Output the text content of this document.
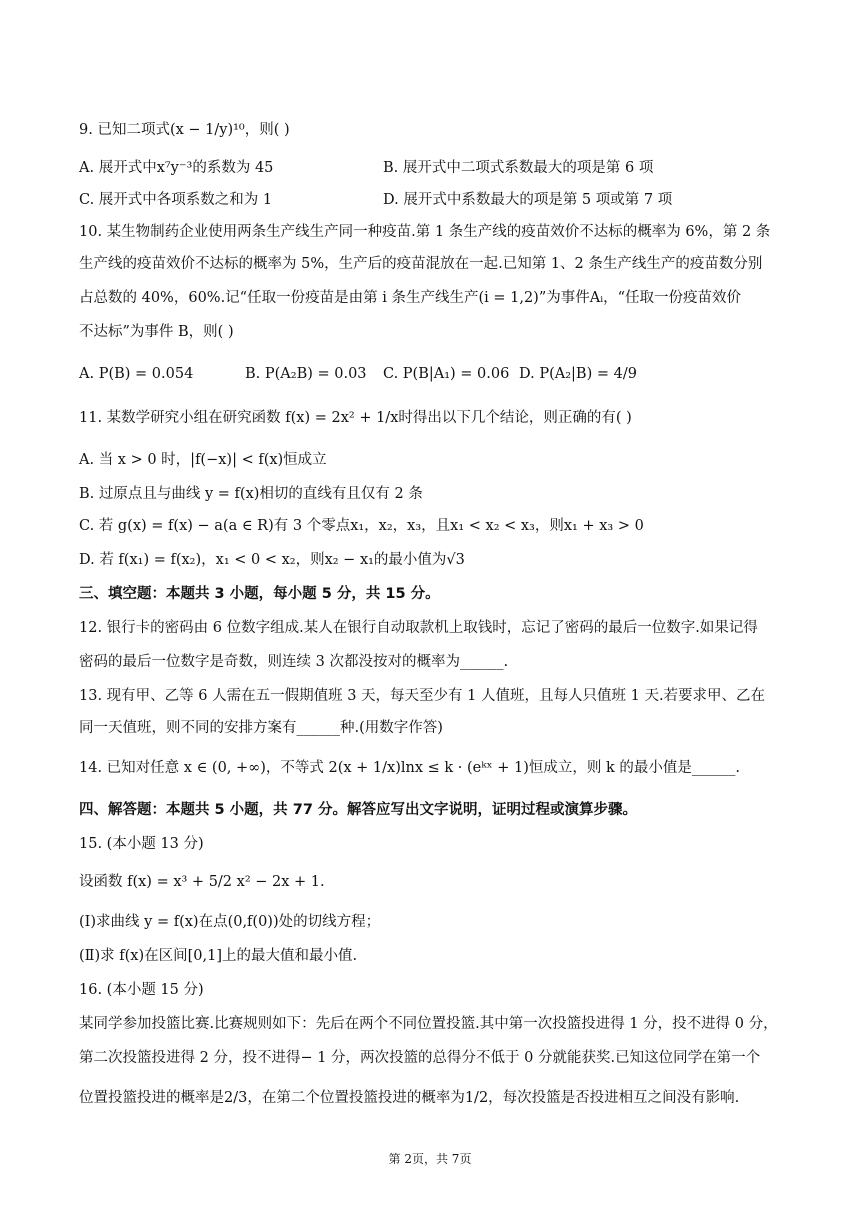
9. 已知二项式(x − 1/y)¹⁰，则( )
A. 展开式中x⁷y⁻³的系数为 45	B. 展开式中二项式系数最大的项是第 6 项
C. 展开式中各项系数之和为 1	D. 展开式中系数最大的项是第 5 项或第 7 项
10. 某生物制药企业使用两条生产线生产同一种疫苗.第 1 条生产线的疫苗效价不达标的概率为 6%，第 2 条
生产线的疫苗效价不达标的概率为 5%，生产后的疫苗混放在一起.已知第 1、2 条生产线生产的疫苗数分别
占总数的 40%，60%.记“任取一份疫苗是由第 i 条生产线生产(i = 1,2)”为事件Aᵢ，“任取一份疫苗效价
不达标”为事件 B，则( )
A. P(B) = 0.054	B. P(A₂B) = 0.03 C. P(B|A₁) = 0.06 D. P(A₂|B) = 4/9
11. 某数学研究小组在研究函数 f(x) = 2x² + 1/x时得出以下几个结论，则正确的有( )
A. 当 x > 0 时，|f(−x)| < f(x)恒成立
B. 过原点且与曲线 y = f(x)相切的直线有且仅有 2 条
C. 若 g(x) = f(x) − a(a ∈ R)有 3 个零点x₁，x₂，x₃，且x₁ < x₂ < x₃，则x₁ + x₃ > 0
D. 若 f(x₁) = f(x₂)，x₁ < 0 < x₂，则x₂ − x₁的最小值为√3
三、填空题：本题共 3 小题，每小题 5 分，共 15 分。
12. 银行卡的密码由 6 位数字组成.某人在银行自动取款机上取钱时，忘记了密码的最后一位数字.如果记得
密码的最后一位数字是奇数，则连续 3 次都没按对的概率为______.
13. 现有甲、乙等 6 人需在五一假期值班 3 天，每天至少有 1 人值班，且每人只值班 1 天.若要求甲、乙在
同一天值班，则不同的安排方案有______种.(用数字作答)
14. 已知对任意 x ∈ (0, +∞)，不等式 2(x + 1/x)lnx ≤ k · (eᵏˣ + 1)恒成立，则 k 的最小值是______.
四、解答题：本题共 5 小题，共 77 分。解答应写出文字说明，证明过程或演算步骤。
15. (本小题 13 分)
设函数 f(x) = x³ + 5/2 x² − 2x + 1.
(I)求曲线 y = f(x)在点(0,f(0))处的切线方程；
(Ⅱ)求 f(x)在区间[0,1]上的最大值和最小值.
16. (本小题 15 分)
某同学参加投篮比赛.比赛规则如下：先后在两个不同位置投篮.其中第一次投篮投进得 1 分，投不进得 0 分，
第二次投篮投进得 2 分，投不进得− 1 分，两次投篮的总得分不低于 0 分就能获奖.已知这位同学在第一个
位置投篮投进的概率是2/3，在第二个位置投篮投进的概率为1/2，每次投篮是否投进相互之间没有影响.
第 2页，共 7页
